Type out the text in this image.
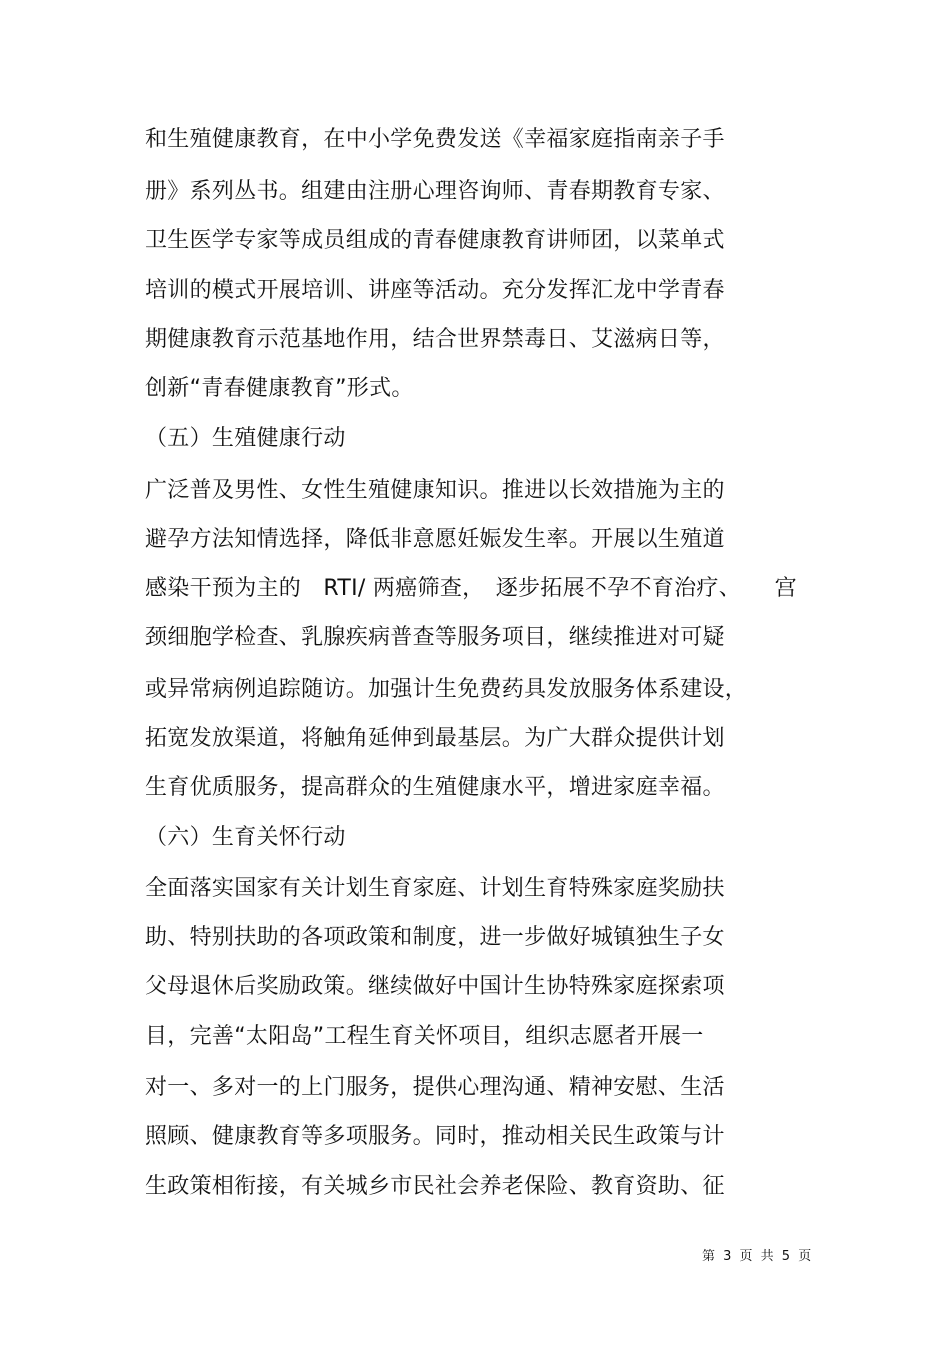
和生殖健康教育，在中小学免费发送《幸福家庭指南亲子手
册》系列丛书。组建由注册心理咨询师、青春期教育专家、
卫生医学专家等成员组成的青春健康教育讲师团，以菜单式
培训的模式开展培训、讲座等活动。充分发挥汇龙中学青春
期健康教育示范基地作用，结合世界禁毒日、艾滋病日等，
创新“青春健康教育”形式。
（五）生殖健康行动
广泛普及男性、女性生殖健康知识。推进以长效措施为主的
避孕方法知情选择，降低非意愿妊娠发生率。开展以生殖道
感染干预为主的　RTI/ 两癌筛查，　逐步拓展不孕不育治疗、　　宫
颈细胞学检查、乳腺疾病普查等服务项目，继续推进对可疑
或异常病例追踪随访。加强计生免费药具发放服务体系建设，
拓宽发放渠道，将触角延伸到最基层。为广大群众提供计划
生育优质服务，提高群众的生殖健康水平，增进家庭幸福。
（六）生育关怀行动
全面落实国家有关计划生育家庭、计划生育特殊家庭奖励扶
助、特别扶助的各项政策和制度，进一步做好城镇独生子女
父母退休后奖励政策。继续做好中国计生协特殊家庭探索项
目，完善“太阳岛”工程生育关怀项目，组织志愿者开展一
对一、多对一的上门服务，提供心理沟通、精神安慰、生活
照顾、健康教育等多项服务。同时，推动相关民生政策与计
生政策相衔接，有关城乡市民社会养老保险、教育资助、征
第 3 页 共 5 页
